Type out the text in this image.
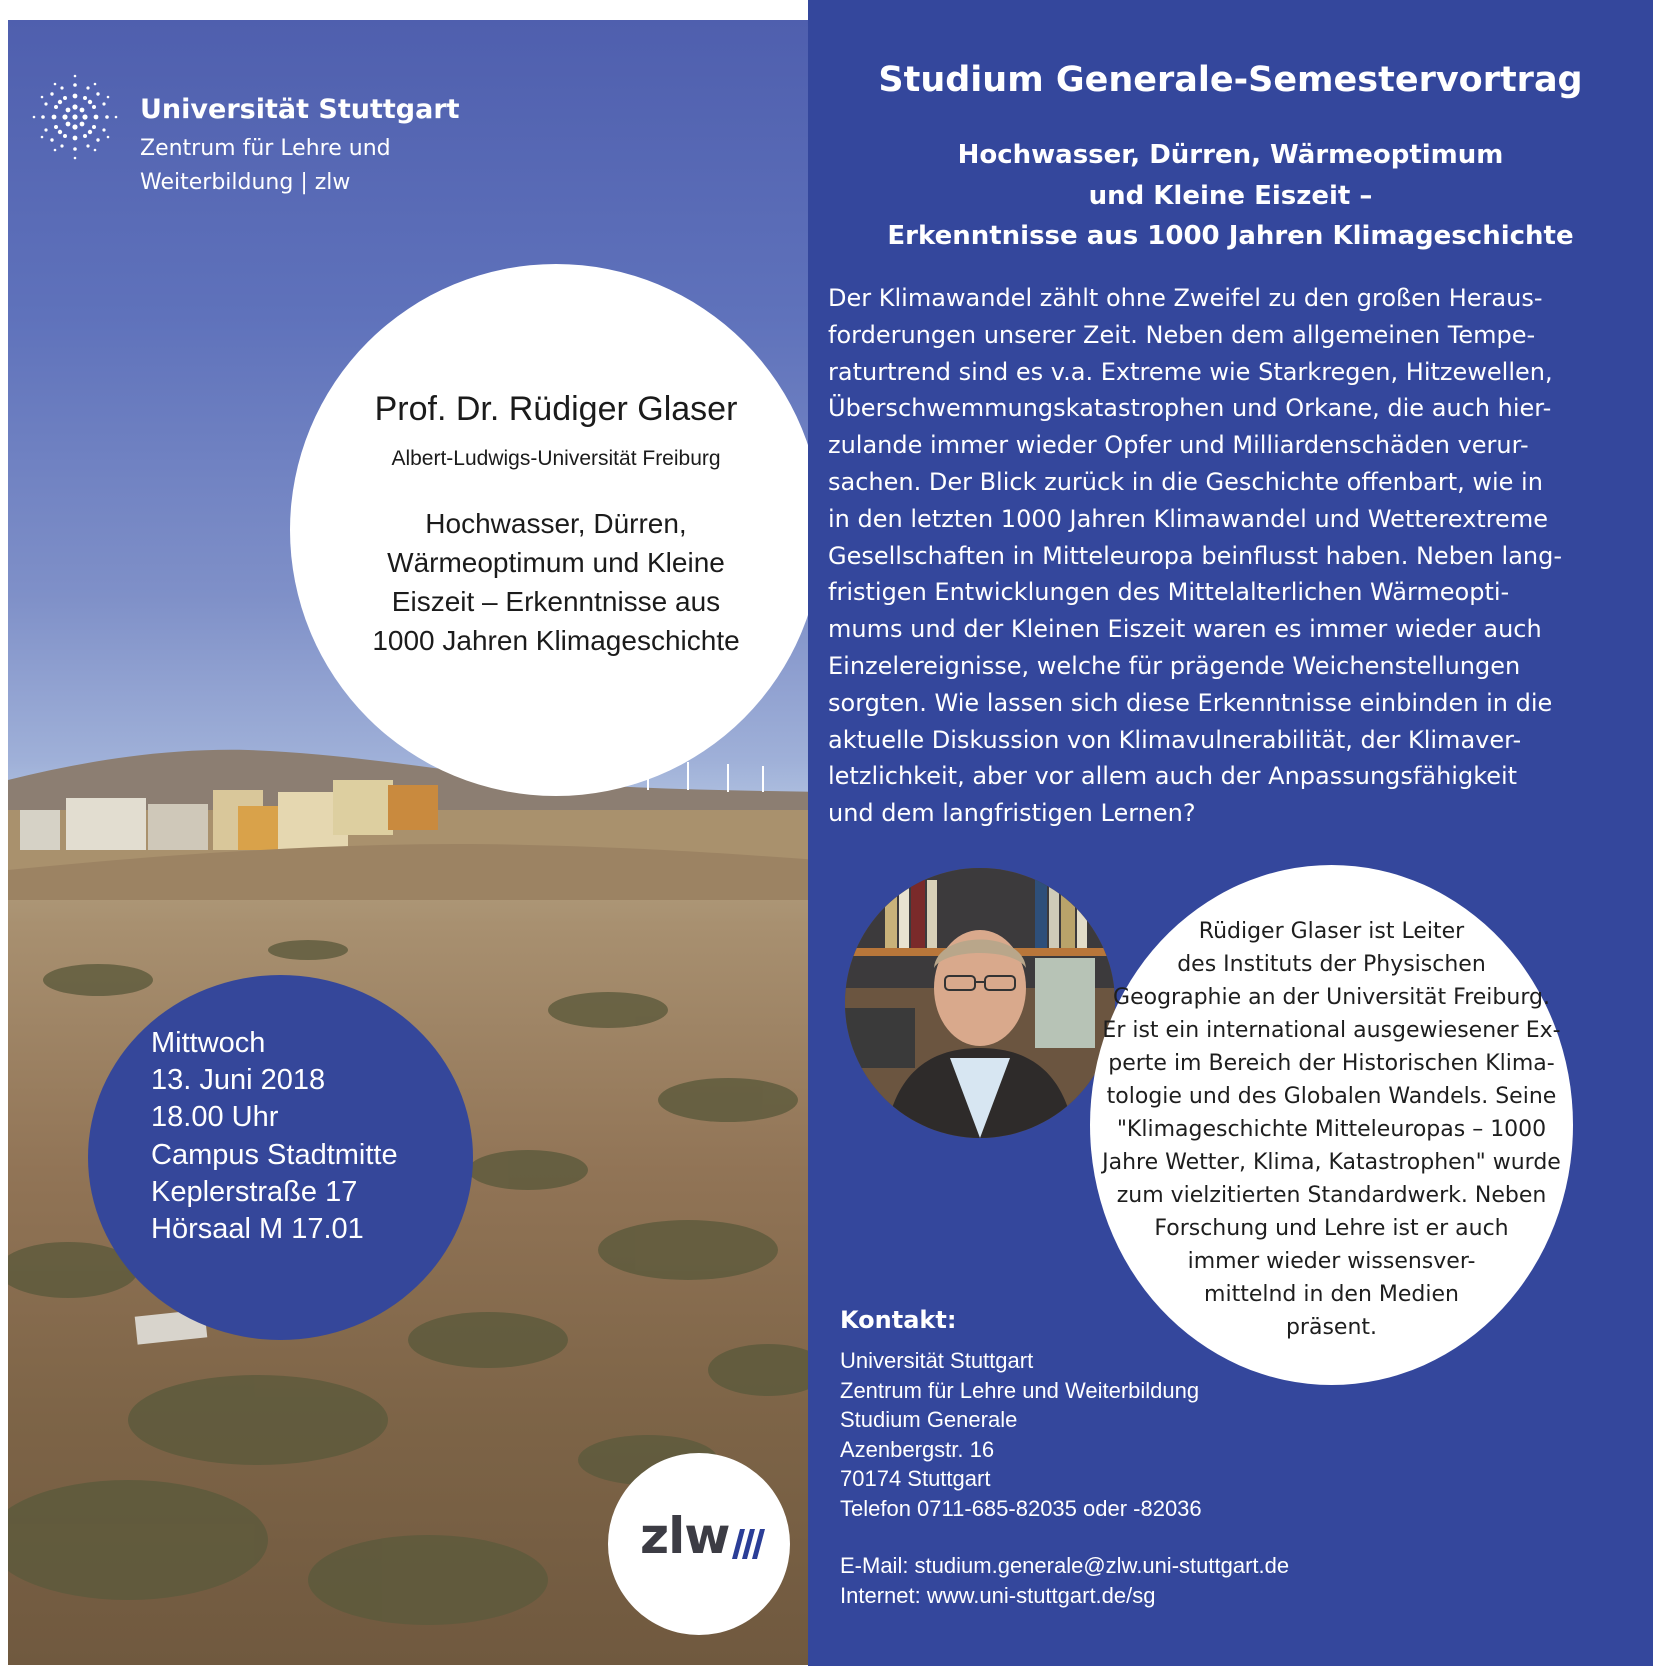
Universität Stuttgart
Zentrum für Lehre und
Weiterbildung | zlw
Prof. Dr. Rüdiger Glaser
Albert-Ludwigs-Universität Freiburg
Hochwasser, Dürren,
Wärmeoptimum und Kleine
Eiszeit – Erkenntnisse aus
1000 Jahren Klimageschichte
Mittwoch
13. Juni 2018
18.00 Uhr
Campus Stadtmitte
Keplerstraße 17
Hörsaal M 17.01
zlw
Studium Generale-Semestervortrag
Hochwasser, Dürren, Wärmeoptimum
und Kleine Eiszeit –
Erkenntnisse aus 1000 Jahren Klimageschichte
Der Klimawandel zählt ohne Zweifel zu den großen Heraus-
forderungen unserer Zeit. Neben dem allgemeinen Tempe-
raturtrend sind es v.a. Extreme wie Starkregen, Hitzewellen,
Überschwemmungskatastrophen und Orkane, die auch hier-
zulande immer wieder Opfer und Milliardenschäden verur-
sachen. Der Blick zurück in die Geschichte offenbart, wie in
in den letzten 1000 Jahren Klimawandel und Wetterextreme
Gesellschaften in Mitteleuropa beinflusst haben. Neben lang-
fristigen Entwicklungen des Mittelalterlichen Wärmeopti-
mums und der Kleinen Eiszeit waren es immer wieder auch
Einzelereignisse, welche für prägende Weichenstellungen
sorgten. Wie lassen sich diese Erkenntnisse einbinden in die
aktuelle Diskussion von Klimavulnerabilität, der Klimaver-
letzlichkeit, aber vor allem auch der Anpassungsfähigkeit
und dem langfristigen Lernen?
Rüdiger Glaser ist Leiter
des Instituts der Physischen
Geographie an der Universität Freiburg.
Er ist ein international ausgewiesener Ex-
perte im Bereich der Historischen Klima-
tologie und des Globalen Wandels. Seine
"Klimageschichte Mitteleuropas – 1000
Jahre Wetter, Klima, Katastrophen" wurde
zum vielzitierten Standardwerk. Neben
Forschung und Lehre ist er auch
immer wieder wissensver-
mittelnd in den Medien
präsent.
Kontakt:
Universität Stuttgart
Zentrum für Lehre und Weiterbildung
Studium Generale
Azenbergstr. 16
70174 Stuttgart
Telefon 0711-685-82035 oder -82036
E-Mail: studium.generale@zlw.uni-stuttgart.de
Internet: www.uni-stuttgart.de/sg
